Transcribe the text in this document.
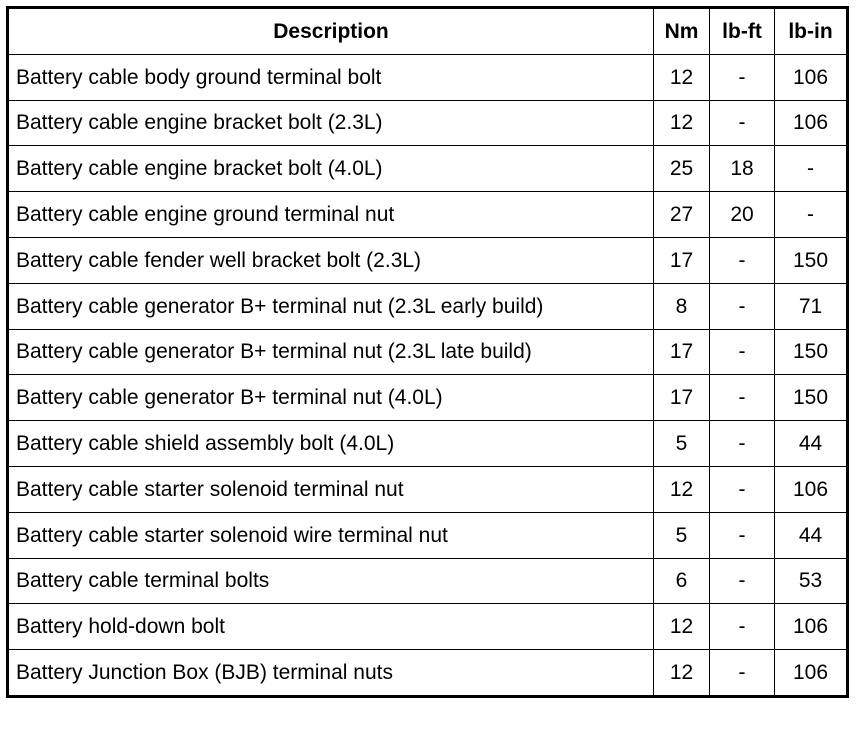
Description	Nm	lb-ft	lb-in
Battery cable body ground terminal bolt	12	-	106
Battery cable engine bracket bolt (2.3L)	12	-	106
Battery cable engine bracket bolt (4.0L)	25	18	-
Battery cable engine ground terminal nut	27	20	-
Battery cable fender well bracket bolt (2.3L)	17	-	150
Battery cable generator B+ terminal nut (2.3L early build)	8	-	71
Battery cable generator B+ terminal nut (2.3L late build)	17	-	150
Battery cable generator B+ terminal nut (4.0L)	17	-	150
Battery cable shield assembly bolt (4.0L)	5	-	44
Battery cable starter solenoid terminal nut	12	-	106
Battery cable starter solenoid wire terminal nut	5	-	44
Battery cable terminal bolts	6	-	53
Battery hold-down bolt	12	-	106
Battery Junction Box (BJB) terminal nuts	12	-	106
